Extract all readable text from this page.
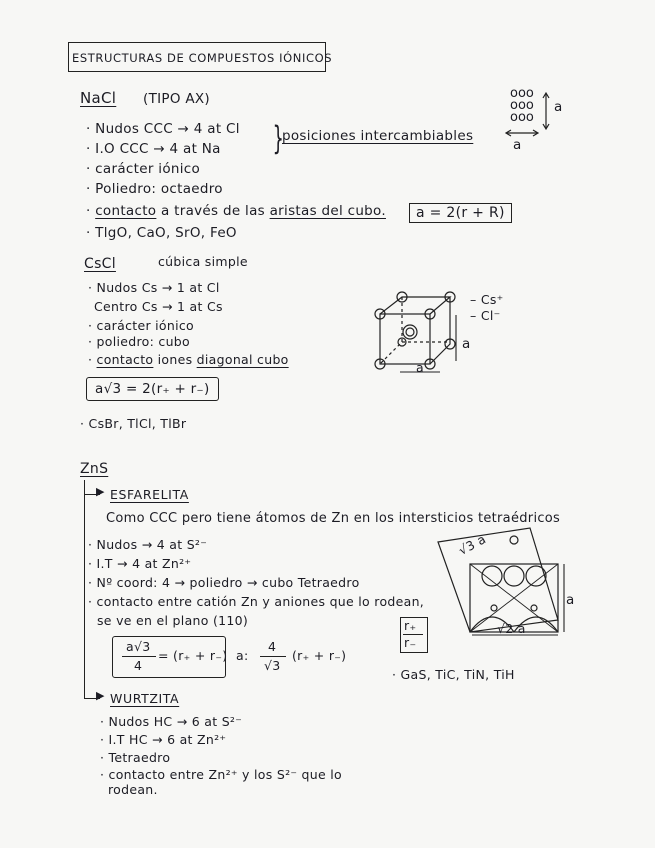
ESTRUCTURAS DE COMPUESTOS IÓNICOS
NaCl (TIPO AX)
· Nudos CCC → 4 at Cl
· I.O CCC → 4 at Na }
posiciones intercambiables
· carácter iónico
· Poliedro: octaedro
· contacto a través de las aristas del cubo.	a = 2(r + R)
· TlgO, CaO, SrO, FeO
ooo
ooo
ooo
a
a
CsCl	cúbica simple
· Nudos Cs → 1 at Cl
Centro Cs → 1 at Cs
· carácter iónico
· poliedro: cubo
· contacto iones diagonal cubo
a√3 = 2(r₊ + r₋)
· CsBr, TlCl, TlBr
a
a
– Cs⁺
– Cl⁻
ZnS
▶
▶
ESFARELITA
Como CCC pero tiene átomos de Zn en los intersticios tetraédricos
· Nudos → 4 at S²⁻
· I.T → 4 at Zn²⁺
· Nº coord: 4 → poliedro → cubo Tetraedro
· contacto entre catión Zn y aniones que lo rodean,
se ve en el plano (110)
a√3
4
= (r₊ + r₋) a:
4
√3
(r₊ + r₋)
r₊
r₋
· GaS, TiC, TiN, TiH
√3 a
a
√2 a
WURTZITA
· Nudos HC → 6 at S²⁻
· I.T HC → 6 at Zn²⁺
· Tetraedro
· contacto entre Zn²⁺ y los S²⁻ que lo
rodean.
